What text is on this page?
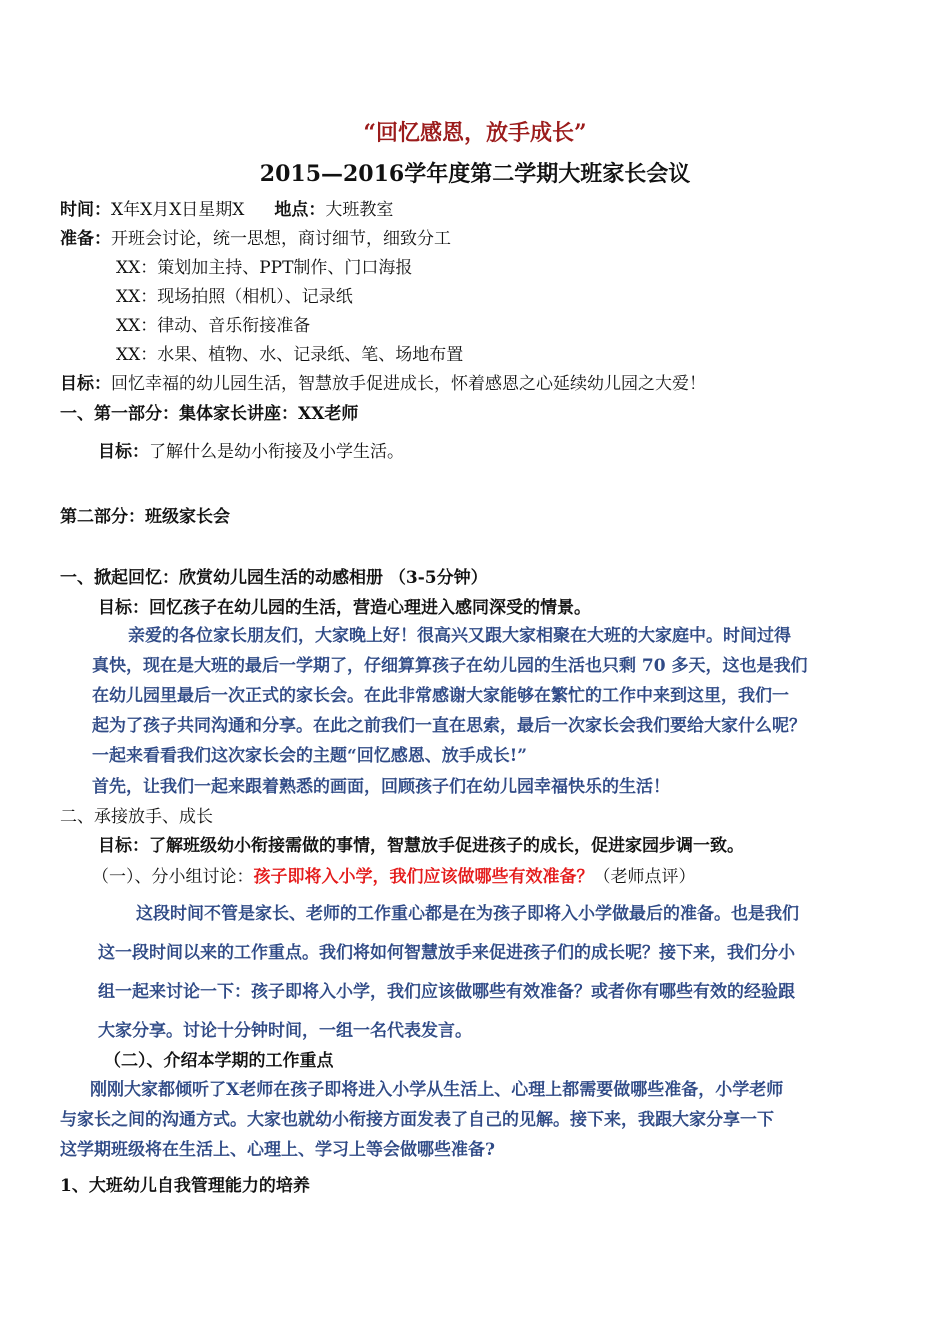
“回忆感恩，放手成长”
2015—2016学年度第二学期大班家长会议
时间：X年X月X日星期X 地点：大班教室
准备：开班会讨论，统一思想，商讨细节，细致分工
XX：策划加主持、PPT制作、门口海报
XX：现场拍照（相机）、记录纸
XX：律动、音乐衔接准备
XX：水果、植物、水、记录纸、笔、场地布置
目标：回忆幸福的幼儿园生活，智慧放手促进成长，怀着感恩之心延续幼儿园之大爱！
一、第一部分：集体家长讲座：XX老师
目标：了解什么是幼小衔接及小学生活。
第二部分：班级家长会
一、掀起回忆：欣赏幼儿园生活的动感相册 （3-5分钟）
目标：回忆孩子在幼儿园的生活，营造心理进入感同深受的情景。
亲爱的各位家长朋友们，大家晚上好！很高兴又跟大家相聚在大班的大家庭中。时间过得
真快，现在是大班的最后一学期了，仔细算算孩子在幼儿园的生活也只剩 70 多天，这也是我们
在幼儿园里最后一次正式的家长会。在此非常感谢大家能够在繁忙的工作中来到这里，我们一
起为了孩子共同沟通和分享。在此之前我们一直在思索，最后一次家长会我们要给大家什么呢？
一起来看看我们这次家长会的主题“回忆感恩、放手成长!”
首先，让我们一起来跟着熟悉的画面，回顾孩子们在幼儿园幸福快乐的生活！
二、承接放手、成长
目标：了解班级幼小衔接需做的事情，智慧放手促进孩子的成长，促进家园步调一致。
（一）、分小组讨论：孩子即将入小学，我们应该做哪些有效准备？（老师点评）
这段时间不管是家长、老师的工作重心都是在为孩子即将入小学做最后的准备。也是我们
这一段时间以来的工作重点。我们将如何智慧放手来促进孩子们的成长呢？接下来，我们分小
组一起来讨论一下：孩子即将入小学，我们应该做哪些有效准备？或者你有哪些有效的经验跟
大家分享。讨论十分钟时间，一组一名代表发言。
（二）、介绍本学期的工作重点
刚刚大家都倾听了X老师在孩子即将进入小学从生活上、心理上都需要做哪些准备，小学老师
与家长之间的沟通方式。大家也就幼小衔接方面发表了自己的见解。接下来，我跟大家分享一下
这学期班级将在生活上、心理上、学习上等会做哪些准备?
1、大班幼儿自我管理能力的培养
